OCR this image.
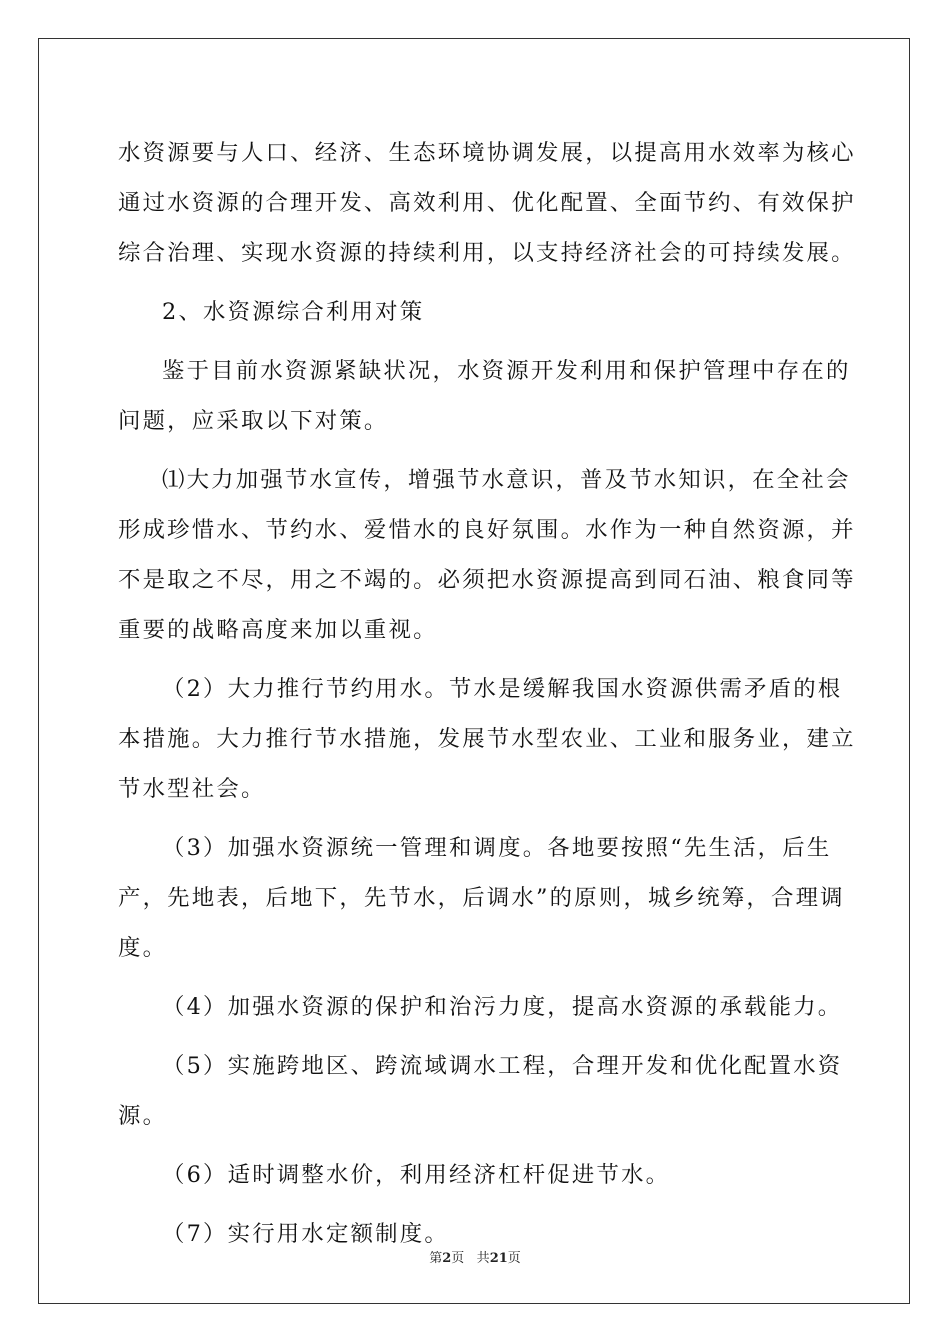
水资源要与人口、经济、生态环境协调发展，以提高用水效率为核心
通过水资源的合理开发、高效利用、优化配置、全面节约、有效保护
综合治理、实现水资源的持续利用，以支持经济社会的可持续发展。
2、水资源综合利用对策
鉴于目前水资源紧缺状况，水资源开发利用和保护管理中存在的
问题，应采取以下对策。
⑴大力加强节水宣传，增强节水意识，普及节水知识，在全社会
形成珍惜水、节约水、爱惜水的良好氛围。水作为一种自然资源，并
不是取之不尽，用之不竭的。必须把水资源提高到同石油、粮食同等
重要的战略高度来加以重视。
（2）大力推行节约用水。节水是缓解我国水资源供需矛盾的根
本措施。大力推行节水措施，发展节水型农业、工业和服务业，建立
节水型社会。
（3）加强水资源统一管理和调度。各地要按照“先生活，后生
产，先地表，后地下，先节水，后调水”的原则，城乡统筹，合理调
度。
（4）加强水资源的保护和治污力度，提高水资源的承载能力。
（5）实施跨地区、跨流域调水工程，合理开发和优化配置水资
源。
（6）适时调整水价，利用经济杠杆促进节水。
（7）实行用水定额制度。
第2页 共21页
